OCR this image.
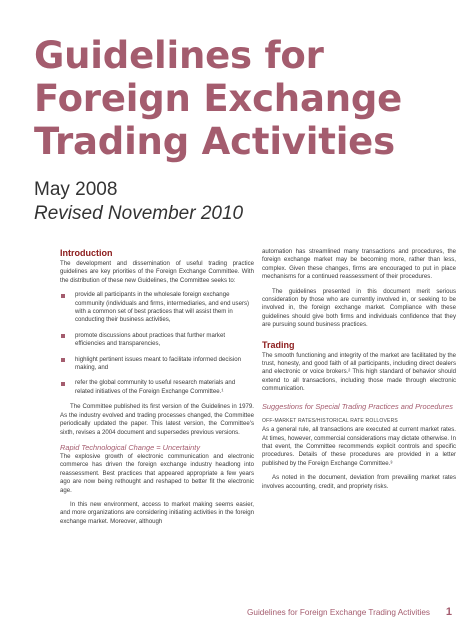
Guidelines for
Foreign Exchange
Trading Activities
May 2008
Revised November 2010
Introduction

The development and dissemination of useful trading practice guidelines are key priorities of the Foreign Exchange Committee. With the distribution of these new Guidelines, the Committee seeks to:

provide all participants in the wholesale foreign exchange community (individuals and firms, intermediaries, and end users) with a common set of best practices that will assist them in conducting their business activities,
promote discussions about practices that further market efficiencies and transparencies,
highlight pertinent issues meant to facilitate informed decision making, and
refer the global community to useful research materials and related initiatives of the Foreign Exchange Committee.¹

The Committee published its first version of the Guidelines in 1979. As the industry evolved and trading processes changed, the Committee periodically updated the paper. This latest version, the Committee's sixth, revises a 2004 document and supersedes previous versions.

Rapid Technological Change = Uncertainty

The explosive growth of electronic communication and electronic commerce has driven the foreign exchange industry headlong into reassessment. Best practices that appeared appropriate a few years ago are now being rethought and reshaped to better fit the electronic age.

In this new environment, access to market making seems easier, and more organizations are considering initiating activities in the foreign exchange market. Moreover, although

automation has streamlined many transactions and procedures, the foreign exchange market may be becoming more, rather than less, complex. Given these changes, firms are encouraged to put in place mechanisms for a continued reassessment of their procedures.

The guidelines presented in this document merit serious consideration by those who are currently involved in, or seeking to be involved in, the foreign exchange market. Compliance with these guidelines should give both firms and individuals confidence that they are pursuing sound business practices.

Trading

The smooth functioning and integrity of the market are facilitated by the trust, honesty, and good faith of all participants, including direct dealers and electronic or voice brokers.² This high standard of behavior should extend to all transactions, including those made through electronic communication.

Suggestions for Special Trading Practices and Procedures
OFF-MARKET RATES/HISTORICAL RATE ROLLOVERS

As a general rule, all transactions are executed at current market rates. At times, however, commercial considerations may dictate otherwise. In that event, the Committee recommends explicit controls and specific procedures. Details of these procedures are provided in a letter published by the Foreign Exchange Committee.³

As noted in the document, deviation from prevailing market rates involves accounting, credit, and propriety risks.

Guidelines for Foreign Exchange Trading Activities 1
